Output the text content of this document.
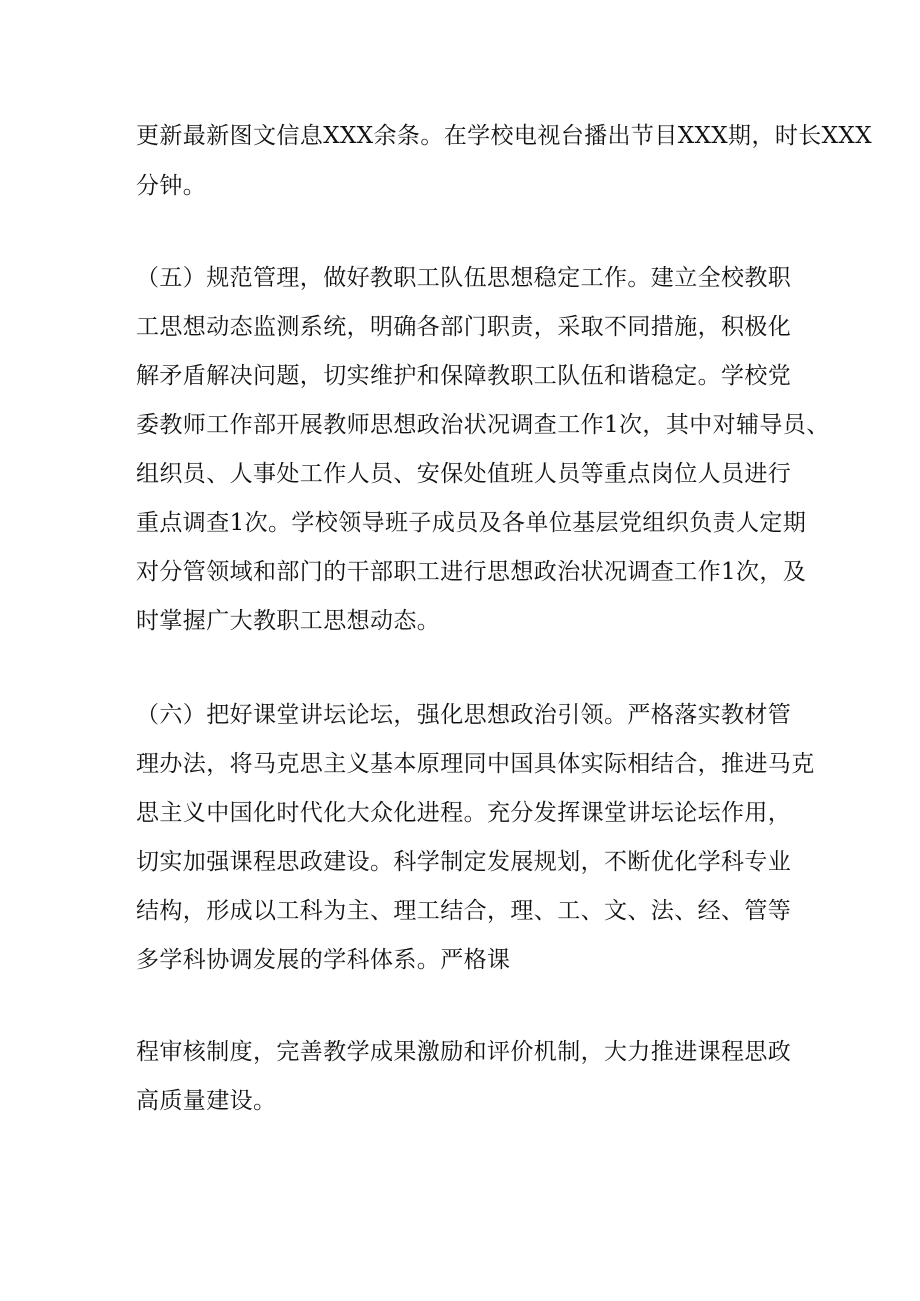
更新最新图文信息XXX余条。在学校电视台播出节目XXX期，时长XXX
分钟。
（五）规范管理，做好教职工队伍思想稳定工作。建立全校教职
工思想动态监测系统，明确各部门职责，采取不同措施，积极化
解矛盾解决问题，切实维护和保障教职工队伍和谐稳定。学校党
委教师工作部开展教师思想政治状况调查工作1次，其中对辅导员、
组织员、人事处工作人员、安保处值班人员等重点岗位人员进行
重点调查1次。学校领导班子成员及各单位基层党组织负责人定期
对分管领域和部门的干部职工进行思想政治状况调查工作1次，及
时掌握广大教职工思想动态。
（六）把好课堂讲坛论坛，强化思想政治引领。严格落实教材管
理办法，将马克思主义基本原理同中国具体实际相结合，推进马克
思主义中国化时代化大众化进程。充分发挥课堂讲坛论坛作用，
切实加强课程思政建设。科学制定发展规划，不断优化学科专业
结构，形成以工科为主、理工结合，理、工、文、法、经、管等
多学科协调发展的学科体系。严格课
程审核制度，完善教学成果激励和评价机制，大力推进课程思政
高质量建设。
